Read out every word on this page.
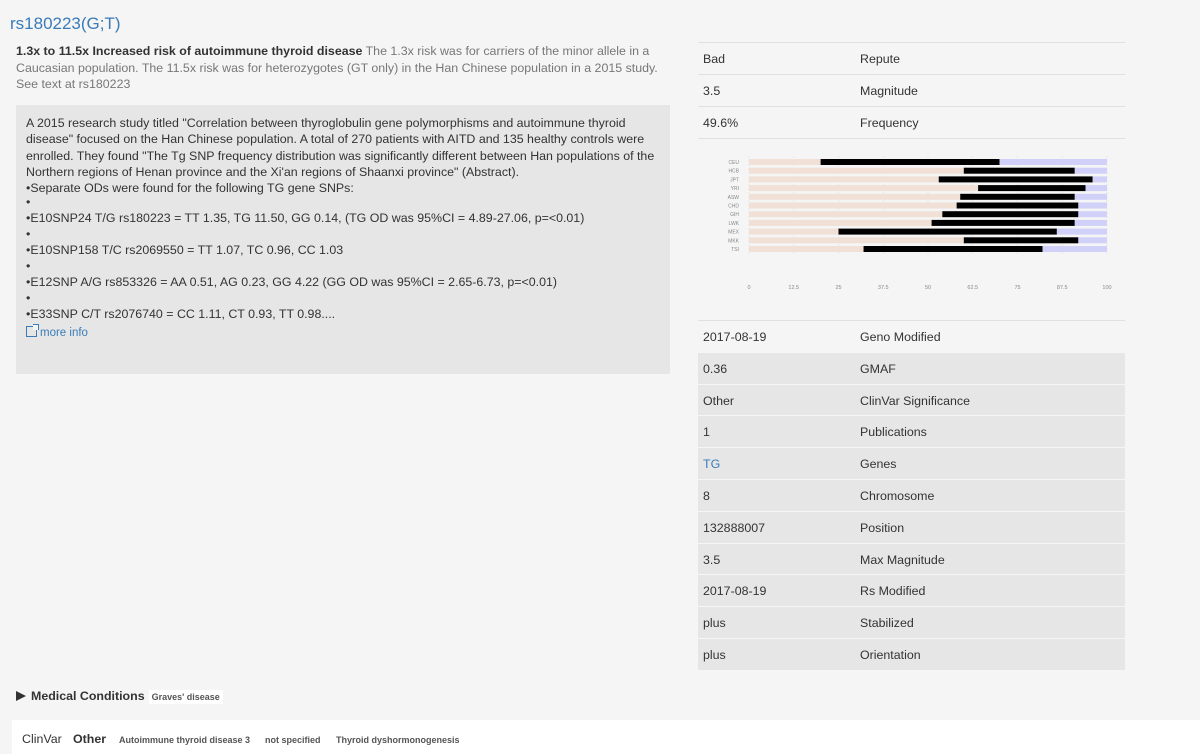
rs180223(G;T)
1.3x to 11.5x Increased risk of autoimmune thyroid disease The 1.3x risk was for carriers of the minor allele in a Caucasian population. The 11.5x risk was for heterozygotes (GT only) in the Han Chinese population in a 2015 study. See text at rs180223
A 2015 research study titled "Correlation between thyroglobulin gene polymorphisms and autoimmune thyroid disease" focused on the Han Chinese population. A total of 270 patients with AITD and 135 healthy controls were enrolled. They found "The Tg SNP frequency distribution was significantly different between Han populations of the Northern regions of Henan province and the Xi'an regions of Shaanxi province" (Abstract).
•Separate ODs were found for the following TG gene SNPs:
•
•E10SNP24 T/G rs180223 = TT 1.35, TG 11.50, GG 0.14, (TG OD was 95%CI = 4.89-27.06, p=<0.01)
•
•E10SNP158 T/C rs2069550 = TT 1.07, TC 0.96, CC 1.03
•
•E12SNP A/G rs853326 = AA 0.51, AG 0.23, GG 4.22 (GG OD was 95%CI = 2.65-6.73, p=<0.01)
•
•E33SNP C/T rs2076740 = CC 1.11, CT 0.93, TT 0.98....
more info
Bad	Repute
3.5	Magnitude
49.6%	Frequency
0	12.5	25	37.5	50	62.5	75	87.5	100
CEU
HCB
JPT
YRI
ASW
CHD
GIH
LWK
MEX
MKK
TSI
2017-08-19	Geno Modified
0.36	GMAF
Other	ClinVar Significance
1	Publications
TG	Genes
8	Chromosome
132888007	Position
3.5	Max Magnitude
2017-08-19	Rs Modified
plus	Stabilized
plus	Orientation
Medical Conditions Graves' disease
ClinVar Other Autoimmune thyroid disease 3 not specified Thyroid dyshormonogenesis
